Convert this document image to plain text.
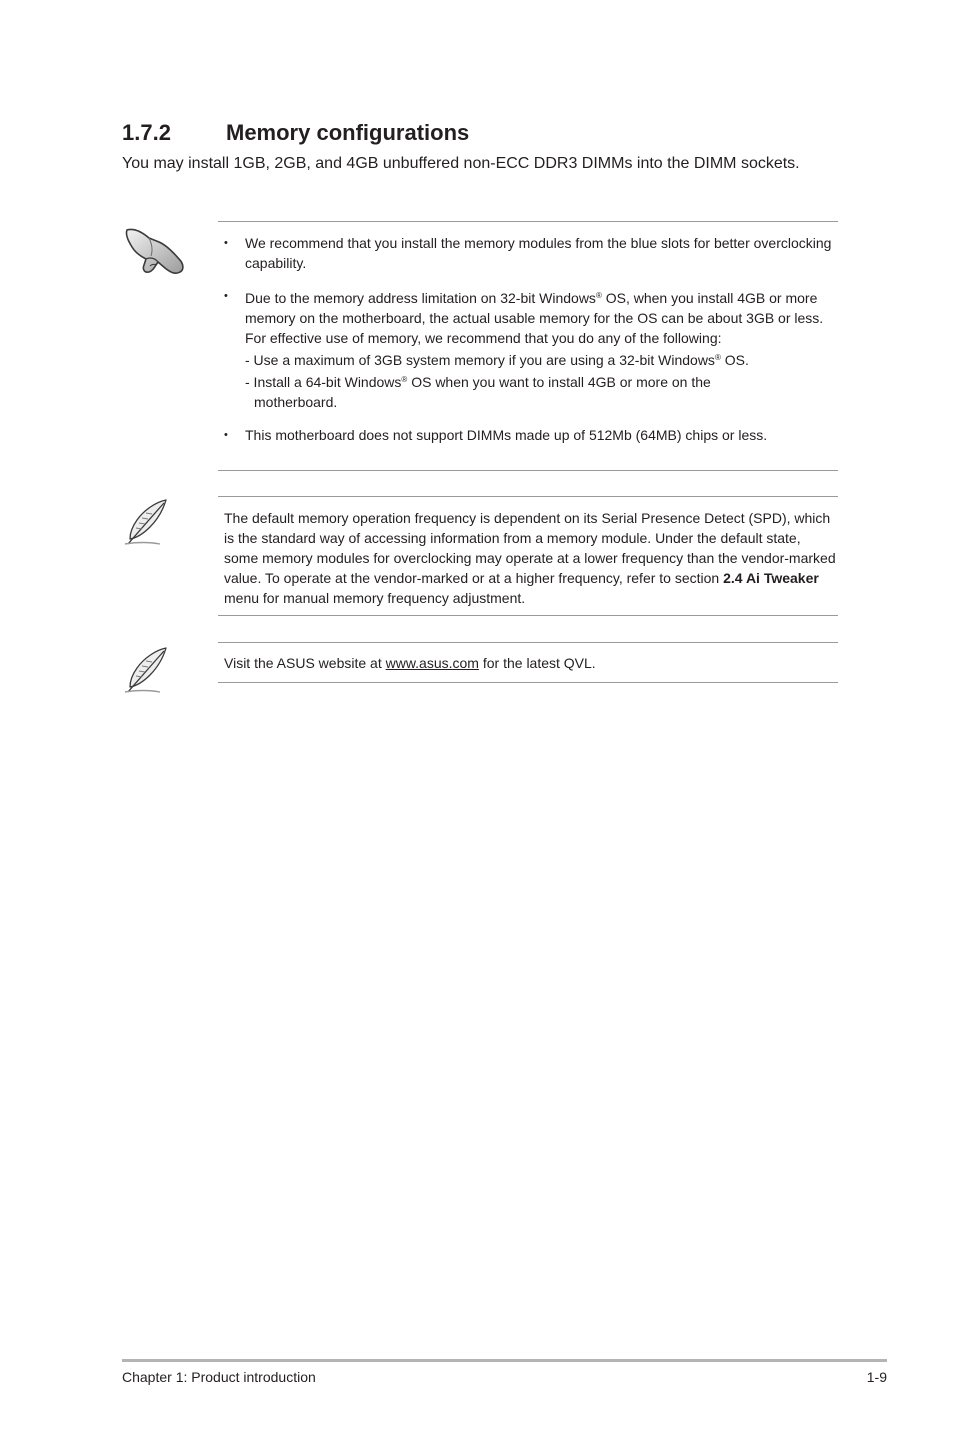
1.7.2	Memory configurations

You may install 1GB, 2GB, and 4GB unbuffered non-ECC DDR3 DIMMs into the DIMM sockets.

• We recommend that you install the memory modules from the blue slots for better overclocking capability.
• Due to the memory address limitation on 32-bit Windows® OS, when you install 4GB or more memory on the motherboard, the actual usable memory for the OS can be about 3GB or less. For effective use of memory, we recommend that you do any of the following:
- Use a maximum of 3GB system memory if you are using a 32-bit Windows® OS.
- Install a 64-bit Windows® OS when you want to install 4GB or more on the
motherboard.
• This motherboard does not support DIMMs made up of 512Mb (64MB) chips or less.

The default memory operation frequency is dependent on its Serial Presence Detect (SPD), which is the standard way of accessing information from a memory module. Under the default state, some memory modules for overclocking may operate at a lower frequency than the vendor-marked value. To operate at the vendor-marked or at a higher frequency, refer to section 2.4 Ai Tweaker menu for manual memory frequency adjustment.

Visit the ASUS website at www.asus.com for the latest QVL.

Chapter 1: Product introduction	1-9
